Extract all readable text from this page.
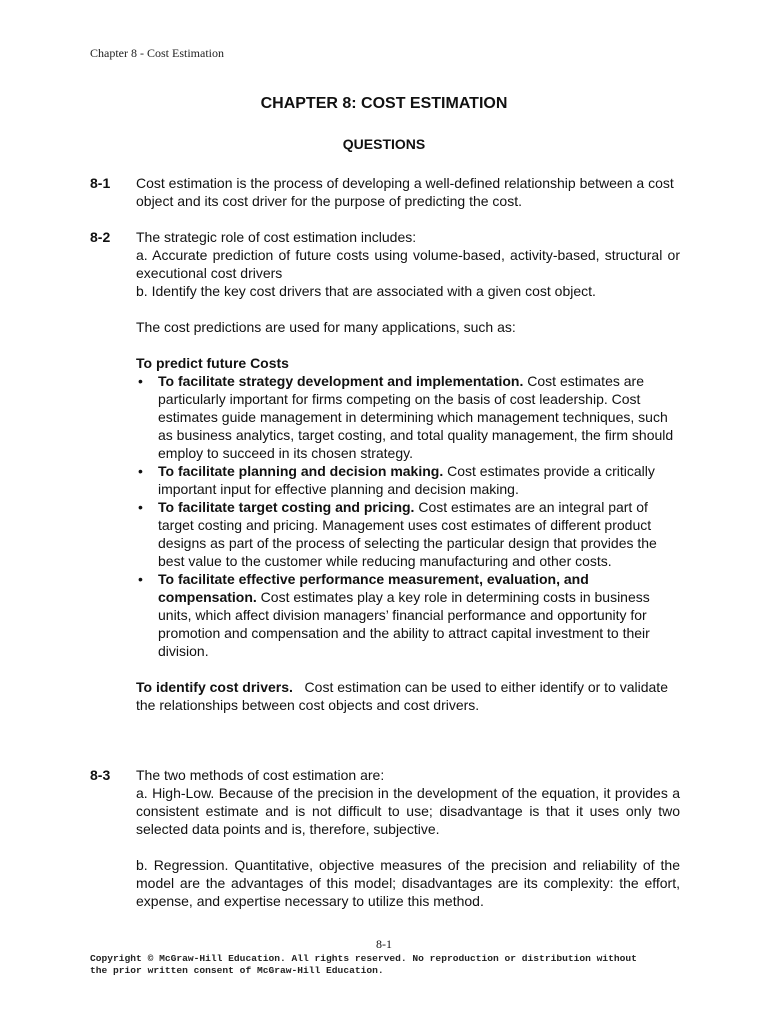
Chapter 8 - Cost Estimation
CHAPTER 8: COST ESTIMATION
QUESTIONS
8-1	Cost estimation is the process of developing a well-defined relationship between a cost object and its cost driver for the purpose of predicting the cost.

8-2	The strategic role of cost estimation includes:

a. Accurate prediction of future costs using volume-based, activity-based, structural or executional cost drivers

b. Identify the key cost drivers that are associated with a given cost object.

The cost predictions are used for many applications, such as:

To predict future Costs

• To facilitate strategy development and implementation. Cost estimates are particularly important for firms competing on the basis of cost leadership. Cost estimates guide management in determining which management techniques, such as business analytics, target costing, and total quality management, the firm should employ to succeed in its chosen strategy.
• To facilitate planning and decision making. Cost estimates provide a critically important input for effective planning and decision making.
• To facilitate target costing and pricing. Cost estimates are an integral part of target costing and pricing. Management uses cost estimates of different product designs as part of the process of selecting the particular design that provides the best value to the customer while reducing manufacturing and other costs.
• To facilitate effective performance measurement, evaluation, and compensation. Cost estimates play a key role in determining costs in business units, which affect division managers’ financial performance and opportunity for promotion and compensation and the ability to attract capital investment to their division.

To identify cost drivers.   Cost estimation can be used to either identify or to validate the relationships between cost objects and cost drivers.

8-3	The two methods of cost estimation are:

a. High-Low. Because of the precision in the development of the equation, it provides a consistent estimate and is not difficult to use; disadvantage is that it uses only two selected data points and is, therefore, subjective.

b. Regression. Quantitative, objective measures of the precision and reliability of the model are the advantages of this model; disadvantages are its complexity: the effort, expense, and expertise necessary to utilize this method.

8-1
Copyright © McGraw-Hill Education. All rights reserved. No reproduction or distribution without
the prior written consent of McGraw-Hill Education.
